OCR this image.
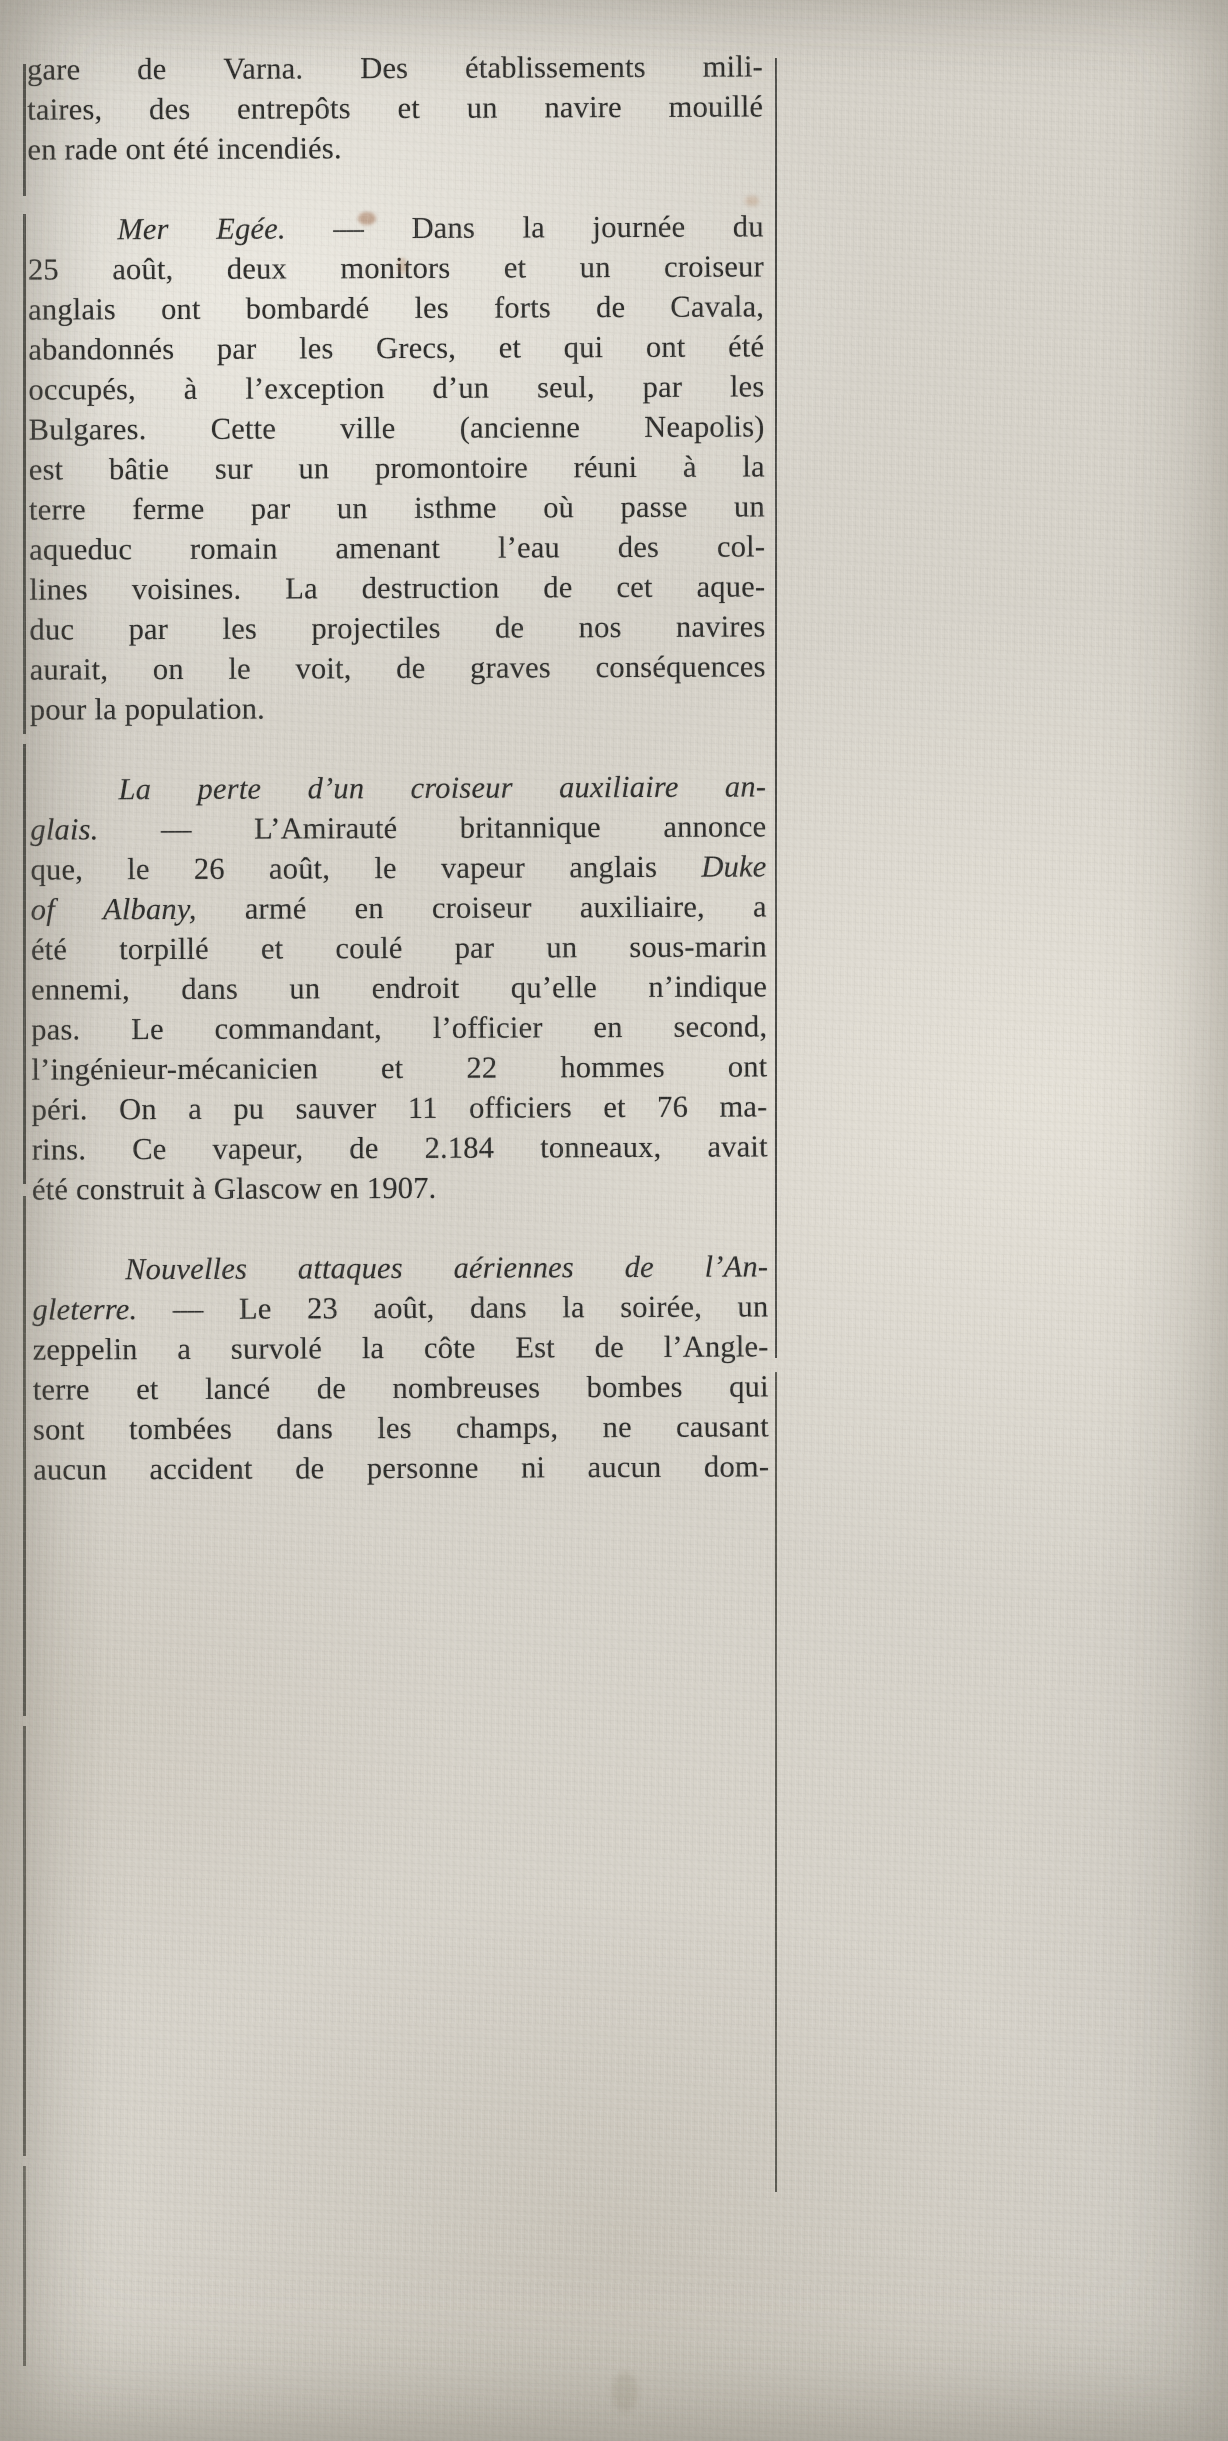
gare de Varna. Des établissements mili-
taires, des entrepôts et un navire mouillé
en rade ont été incendiés.
Mer Egée. — Dans la journée du
25 août, deux monitors et un croiseur
anglais ont bombardé les forts de Cavala,
abandonnés par les Grecs, et qui ont été
occupés, à l’exception d’un seul, par les
Bulgares. Cette ville (ancienne Neapolis)
est bâtie sur un promontoire réuni à la
terre ferme par un isthme où passe un
aqueduc romain amenant l’eau des col-
lines voisines. La destruction de cet aque-
duc par les projectiles de nos navires
aurait, on le voit, de graves conséquences
pour la population.
La perte d’un croiseur auxiliaire an-
glais. — L’Amirauté britannique annonce
que, le 26 août, le vapeur anglais Duke
of Albany, armé en croiseur auxiliaire, a
été torpillé et coulé par un sous-marin
ennemi, dans un endroit qu’elle n’indique
pas. Le commandant, l’officier en second,
l’ingénieur-mécanicien et 22 hommes ont
péri. On a pu sauver 11 officiers et 76 ma-
rins. Ce vapeur, de 2.184 tonneaux, avait
été construit à Glascow en 1907.
Nouvelles attaques aériennes de l’An-
gleterre. — Le 23 août, dans la soirée, un
zeppelin a survolé la côte Est de l’Angle-
terre et lancé de nombreuses bombes qui
sont tombées dans les champs, ne causant
aucun accident de personne ni aucun dom-
